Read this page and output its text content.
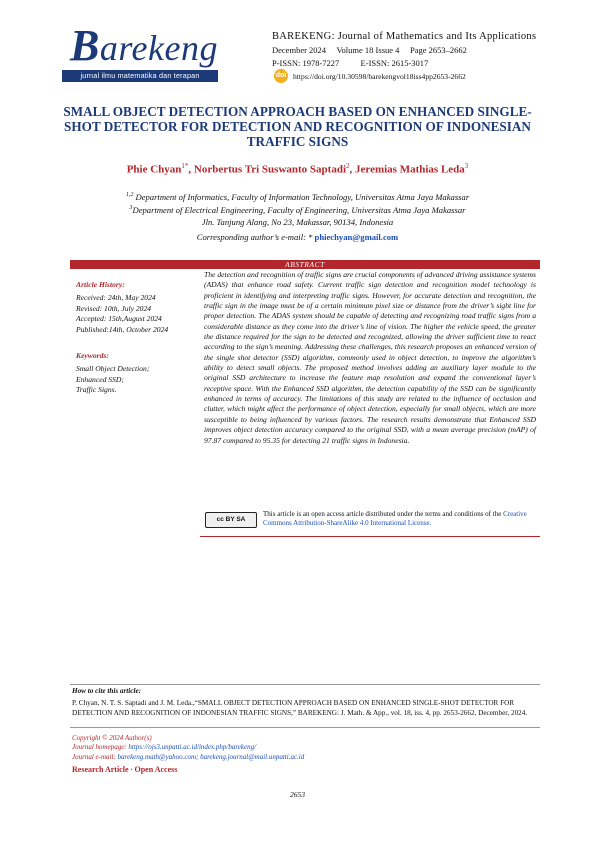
Barekeng
jurnal ilmu matematika dan terapan
BAREKENG: Journal of Mathematics and Its Applications
December 2024     Volume 18 Issue 4     Page 2653–2662
P-ISSN: 1978-7227          E-ISSN: 2615-3017
doi https://doi.org/10.30598/barekengvol18iss4pp2653-2662
SMALL OBJECT DETECTION APPROACH BASED ON ENHANCED SINGLE-SHOT DETECTOR FOR DETECTION AND RECOGNITION OF INDONESIAN TRAFFIC SIGNS
Phie Chyan$^{1*}$, Norbertus Tri Suswanto Saptadi$^2$, Jeremias Mathias Leda$^3$
$^{1,2}$ Department of Informatics, Faculty of Information Technology, Universitas Atma Jaya Makassar
$^3$Department of Electrical Engineering, Faculty of Engineering, Universitas Atma Jaya Makassar
Jln. Tanjung Alang, No 23, Makassar, 90134, Indonesia
Corresponding author’s e-mail: * phiechyan@gmail.com
ABSTRACT
Article History:
Received: 24th, May 2024
Revised: 10th, July 2024
Accepted: 15th,August 2024
Published:14th, October 2024
Keywords:
Small Object Detection;
Enhanced SSD;
Traffic Signs.
The detection and recognition of traffic signs are crucial components of advanced driving assistance systems (ADAS) that enhance road safety. Current traffic sign detection and recognition model technology is proficient in identifying and interpreting traffic signs. However, for accurate detection and recognition, the traffic sign in the image must be of a certain minimum pixel size or distance from the driver’s sight line for proper detection. The ADAS system should be capable of detecting and recognizing road traffic signs from a considerable distance as they come into the driver’s line of vision. The higher the vehicle speed, the greater the distance required for the sign to be detected and recognized, allowing the driver sufficient time to react according to the sign’s meaning. Addressing these challenges, this research proposes an enhanced version of the single shot detector (SSD) algorithm, commonly used in object detection, to improve the algorithm’s ability to detect small objects. The proposed method involves adding an auxiliary layer module to the original SSD architecture to increase the feature map resolution and expand the conventional layer’s receptive space. With the Enhanced SSD algorithm, the detection capability of the SSD can be significantly enhanced in terms of accuracy. The limitations of this study are related to the influence of occlusion and clutter, which might affect the performance of object detection, especially for small objects, which are more susceptible to being influenced by various factors. The research results demonstrate that Enhanced SSD improves object detection accuracy compared to the original SSD, with a mean average precision (mAP) of 97.87 compared to 95.35 for detecting 21 traffic signs in Indonesia.
cc BY SA
This article is an open access article distributed under the terms and conditions of the Creative Commons Attribution-ShareAlike 4.0 International License.
How to cite this article:
P. Chyan, N. T. S. Saptadi and J. M. Leda.,“SMALL OBJECT DETECTION APPROACH BASED ON ENHANCED SINGLE-SHOT DETECTOR FOR DETECTION AND RECOGNITION OF INDONESIAN TRAFFIC SIGNS,” BAREKENG: J. Math. & App., vol. 18, iss. 4, pp. 2653-2662, December, 2024.
Copyright © 2024 Author(s)
Journal homepage: https://ojs3.unpatti.ac.id/index.php/barekeng/
Journal e-mail: barekeng.math@yahoo.com; barekeng.journal@mail.unpatti.ac.id
Research Article ∙ Open Access
2653
